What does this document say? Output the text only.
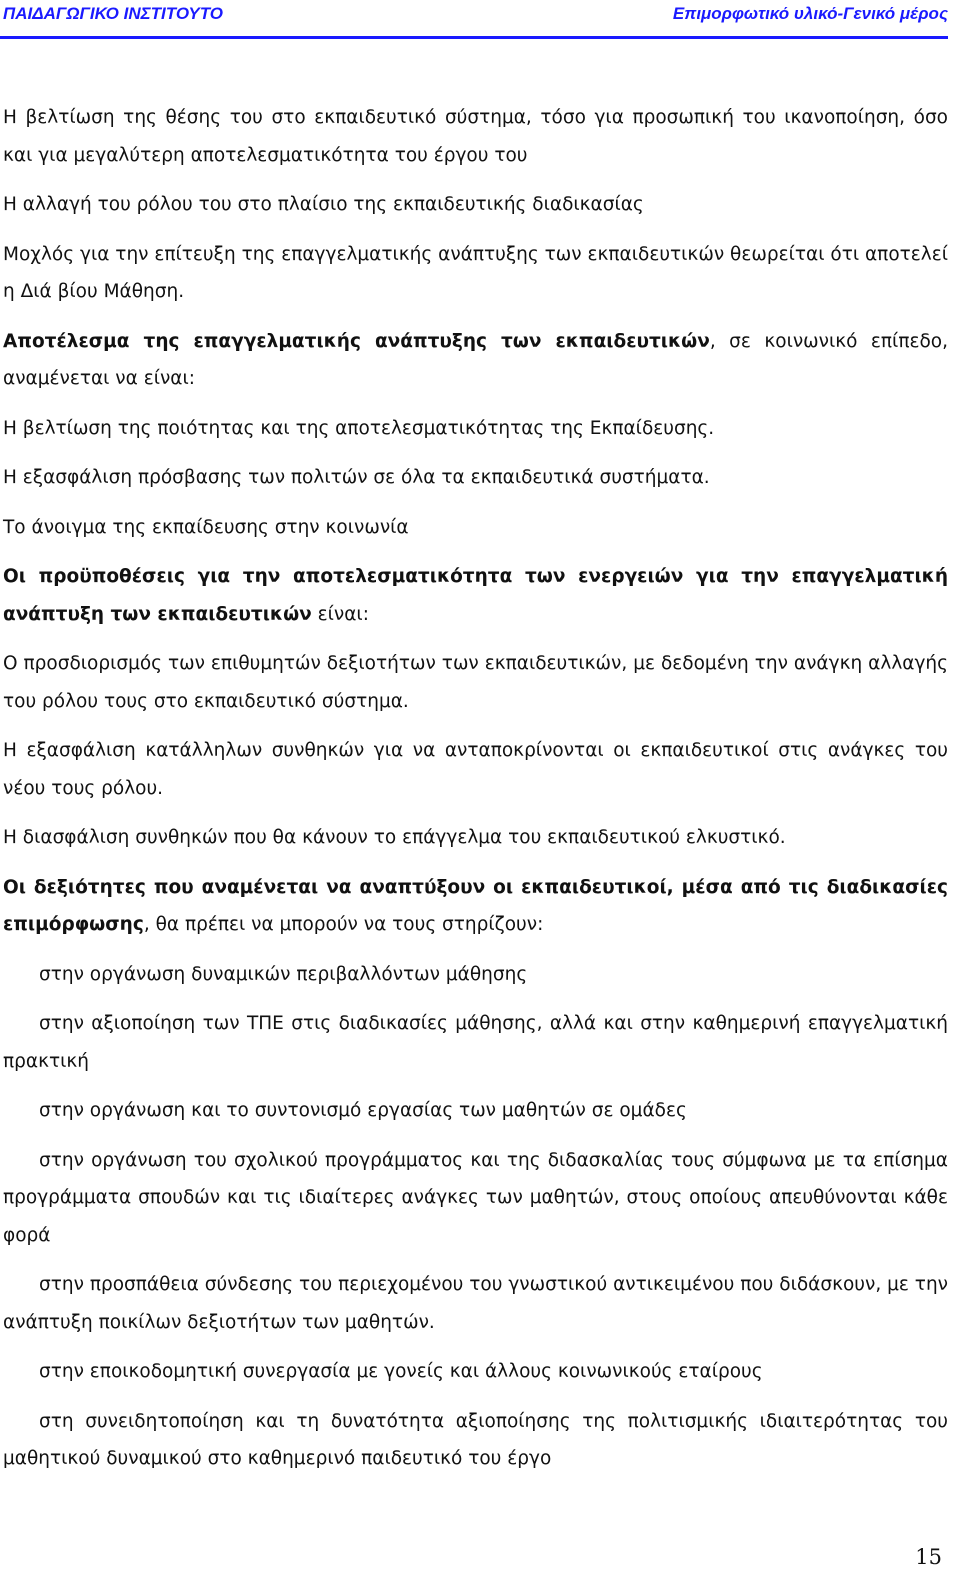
ΠΑΙΔΑΓΩΓΙΚΟ ΙΝΣΤΙΤΟΥΤΟ	Επιμορφωτικό υλικό-Γενικό μέρος

Η βελτίωση της θέσης του στο εκπαιδευτικό σύστημα, τόσο για προσωπική του ικανοποίηση, όσο και για μεγαλύτερη αποτελεσματικότητα του έργου του

Η αλλαγή του ρόλου του στο πλαίσιο της εκπαιδευτικής διαδικασίας

Μοχλός για την επίτευξη της επαγγελματικής ανάπτυξης των εκπαιδευτικών θεωρείται ότι αποτελεί η Διά βίου Μάθηση.

Αποτέλεσμα της επαγγελματικής ανάπτυξης των εκπαιδευτικών, σε κοινωνικό επίπεδο, αναμένεται να είναι:

Η βελτίωση της ποιότητας και της αποτελεσματικότητας της Εκπαίδευσης.

Η εξασφάλιση πρόσβασης των πολιτών σε όλα τα εκπαιδευτικά συστήματα.

Το άνοιγμα της εκπαίδευσης στην κοινωνία

Οι προϋποθέσεις για την αποτελεσματικότητα των ενεργειών για την επαγγελματική ανάπτυξη των εκπαιδευτικών είναι:

Ο προσδιορισμός των επιθυμητών δεξιοτήτων των εκπαιδευτικών, με δεδομένη την ανάγκη αλλαγής του ρόλου τους στο εκπαιδευτικό σύστημα.

Η εξασφάλιση κατάλληλων συνθηκών για να ανταποκρίνονται οι εκπαιδευτικοί στις ανάγκες του νέου τους ρόλου.

Η διασφάλιση συνθηκών που θα κάνουν το επάγγελμα του εκπαιδευτικού ελκυστικό.

Οι δεξιότητες που αναμένεται να αναπτύξουν οι εκπαιδευτικοί, μέσα από τις διαδικασίες επιμόρφωσης, θα πρέπει να μπορούν να τους στηρίζουν:

στην οργάνωση δυναμικών περιβαλλόντων μάθησης

στην αξιοποίηση των ΤΠΕ στις διαδικασίες μάθησης, αλλά και στην καθημερινή επαγγελματική πρακτική

στην οργάνωση και το συντονισμό εργασίας των μαθητών σε ομάδες

στην οργάνωση του σχολικού προγράμματος και της διδασκαλίας τους σύμφωνα με τα επίσημα προγράμματα σπουδών και τις ιδιαίτερες ανάγκες των μαθητών, στους οποίους απευθύνονται κάθε φορά

στην προσπάθεια σύνδεσης του περιεχομένου του γνωστικού αντικειμένου που διδάσκουν, με την ανάπτυξη ποικίλων δεξιοτήτων των μαθητών.

στην εποικοδομητική συνεργασία με γονείς και άλλους κοινωνικούς εταίρους

στη συνειδητοποίηση και τη δυνατότητα αξιοποίησης της πολιτισμικής ιδιαιτερότητας του μαθητικού δυναμικού στο καθημερινό παιδευτικό του έργο

15
